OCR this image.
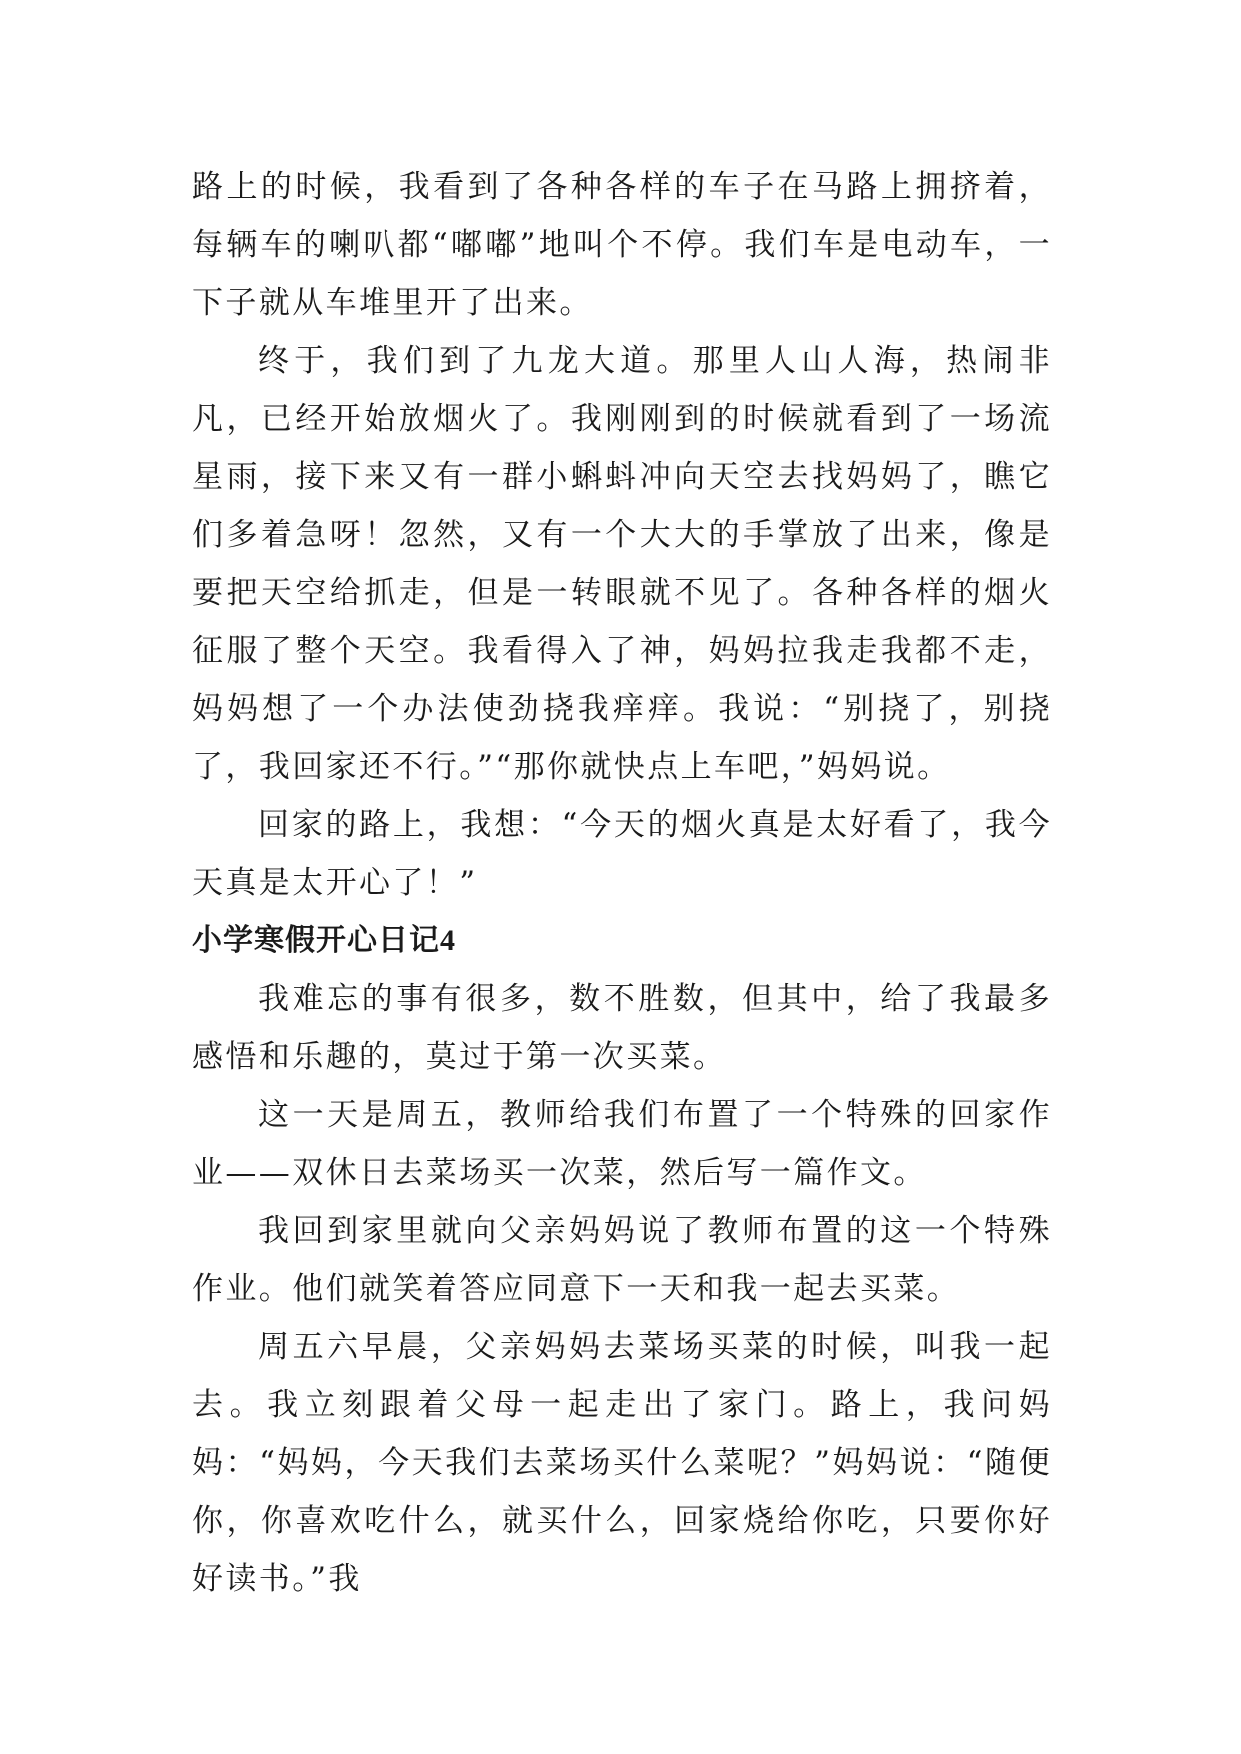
路上的时候，我看到了各种各样的车子在马路上拥挤着，每辆车的喇叭都“嘟嘟”地叫个不停。我们车是电动车，一下子就从车堆里开了出来。

终于，我们到了九龙大道。那里人山人海，热闹非凡，已经开始放烟火了。我刚刚到的时候就看到了一场流星雨，接下来又有一群小蝌蚪冲向天空去找妈妈了，瞧它们多着急呀！忽然，又有一个大大的手掌放了出来，像是要把天空给抓走，但是一转眼就不见了。各种各样的烟火征服了整个天空。我看得入了神，妈妈拉我走我都不走，妈妈想了一个办法使劲挠我痒痒。我说：“别挠了，别挠了，我回家还不行。”“那你就快点上车吧，”妈妈说。

回家的路上，我想：“今天的烟火真是太好看了，我今天真是太开心了！”

小学寒假开心日记4

我难忘的事有很多，数不胜数，但其中，给了我最多感悟和乐趣的，莫过于第一次买菜。

这一天是周五，教师给我们布置了一个特殊的回家作业——双休日去菜场买一次菜，然后写一篇作文。

我回到家里就向父亲妈妈说了教师布置的这一个特殊作业。他们就笑着答应同意下一天和我一起去买菜。

周五六早晨，父亲妈妈去菜场买菜的时候，叫我一起去。我立刻跟着父母一起走出了家门。路上，我问妈妈：“妈妈，今天我们去菜场买什么菜呢？”妈妈说：“随便你，你喜欢吃什么，就买什么，回家烧给你吃，只要你好好读书。”我
